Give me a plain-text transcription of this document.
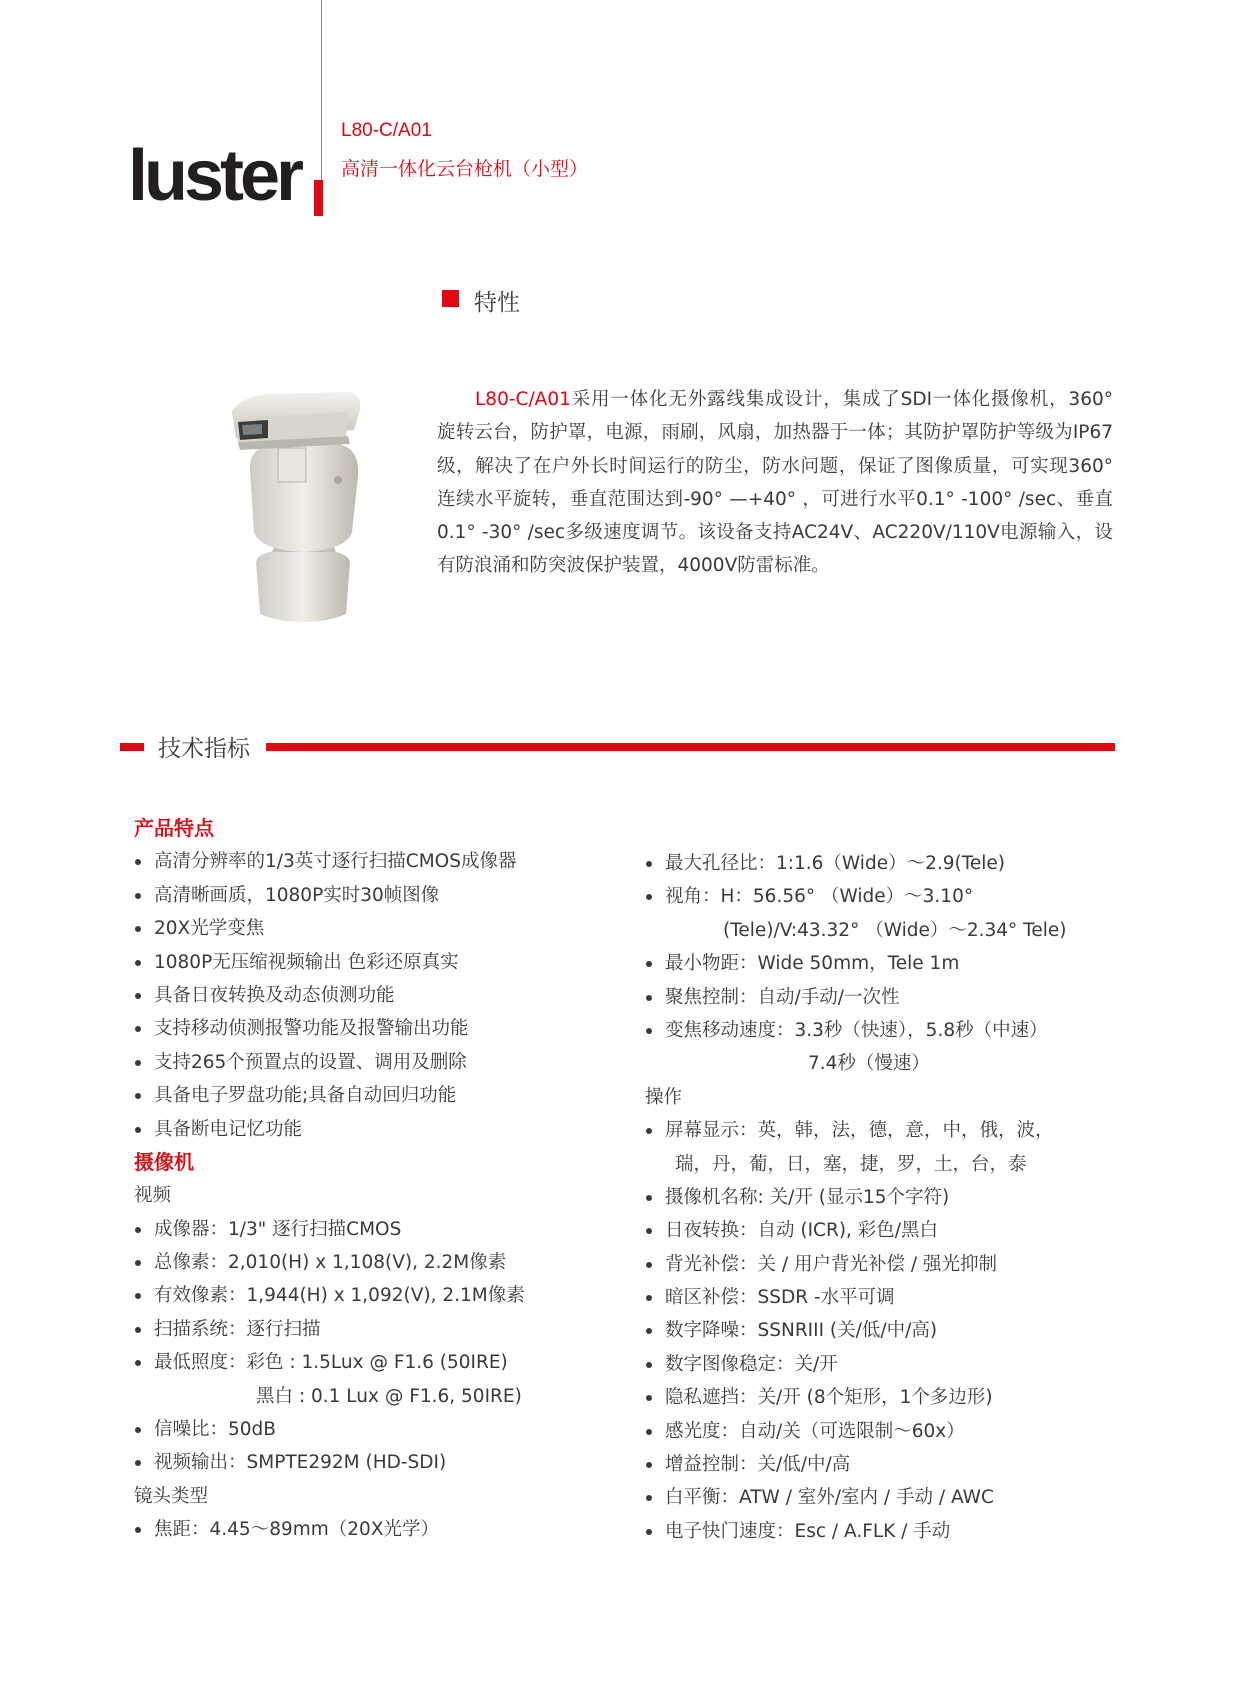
luster
L80-C/A01
高清一体化云台枪机（小型）
特性
L80-C/A01采用一体化无外露线集成设计，集成了SDI一体化摄像机，360° 旋转云台，防护罩，电源，雨刷，风扇，加热器于一体；其防护罩防护等级为IP67级，解决了在户外长时间运行的防尘，防水问题，保证了图像质量，可实现360° 连续水平旋转，垂直范围达到-90° —+40° ，可进行水平0.1° -100° /sec、垂直0.1° -30° /sec多级速度调节。该设备支持AC24V、AC220V/110V电源输入，设有防浪涌和防突波保护装置，4000V防雷标准。
技术指标
产品特点
高清分辨率的1/3英寸逐行扫描CMOS成像器
高清晰画质，1080P实时30帧图像
20X光学变焦
1080P无压缩视频输出 色彩还原真实
具备日夜转换及动态侦测功能
支持移动侦测报警功能及报警输出功能
支持265个预置点的设置、调用及删除
具备电子罗盘功能;具备自动回归功能
具备断电记忆功能
摄像机
视频
成像器：1/3" 逐行扫描CMOS
总像素：2,010(H) x 1,108(V), 2.2M像素
有效像素：1,944(H) x 1,092(V), 2.1M像素
扫描系统：逐行扫描
最低照度：彩色 : 1.5Lux @ F1.6 (50IRE)
黑白 : 0.1 Lux @ F1.6, 50IRE)
信噪比：50dB
视频输出：SMPTE292M (HD-SDI)
镜头类型
焦距：4.45～89mm（20X光学）
最大孔径比：1:1.6（Wide）～2.9(Tele)
视角：H：56.56° （Wide）～3.10°
(Tele)/V:43.32° （Wide）～2.34° Tele)
最小物距：Wide 50mm，Tele 1m
聚焦控制：自动/手动/一次性
变焦移动速度：3.3秒（快速），5.8秒（中速）
7.4秒（慢速）
操作
屏幕显示：英，韩，法，德，意，中，俄，波，
瑞，丹，葡，日，塞，捷，罗，土，台，泰
摄像机名称: 关/开 (显示15个字符)
日夜转换：自动 (ICR), 彩色/黑白
背光补偿：关 / 用户背光补偿 / 强光抑制
暗区补偿：SSDR -水平可调
数字降噪：SSNRIII (关/低/中/高)
数字图像稳定：关/开
隐私遮挡：关/开 (8个矩形，1个多边形)
感光度：自动/关（可选限制～60x）
增益控制：关/低/中/高
白平衡：ATW / 室外/室内 / 手动 / AWC
电子快门速度：Esc / A.FLK / 手动
